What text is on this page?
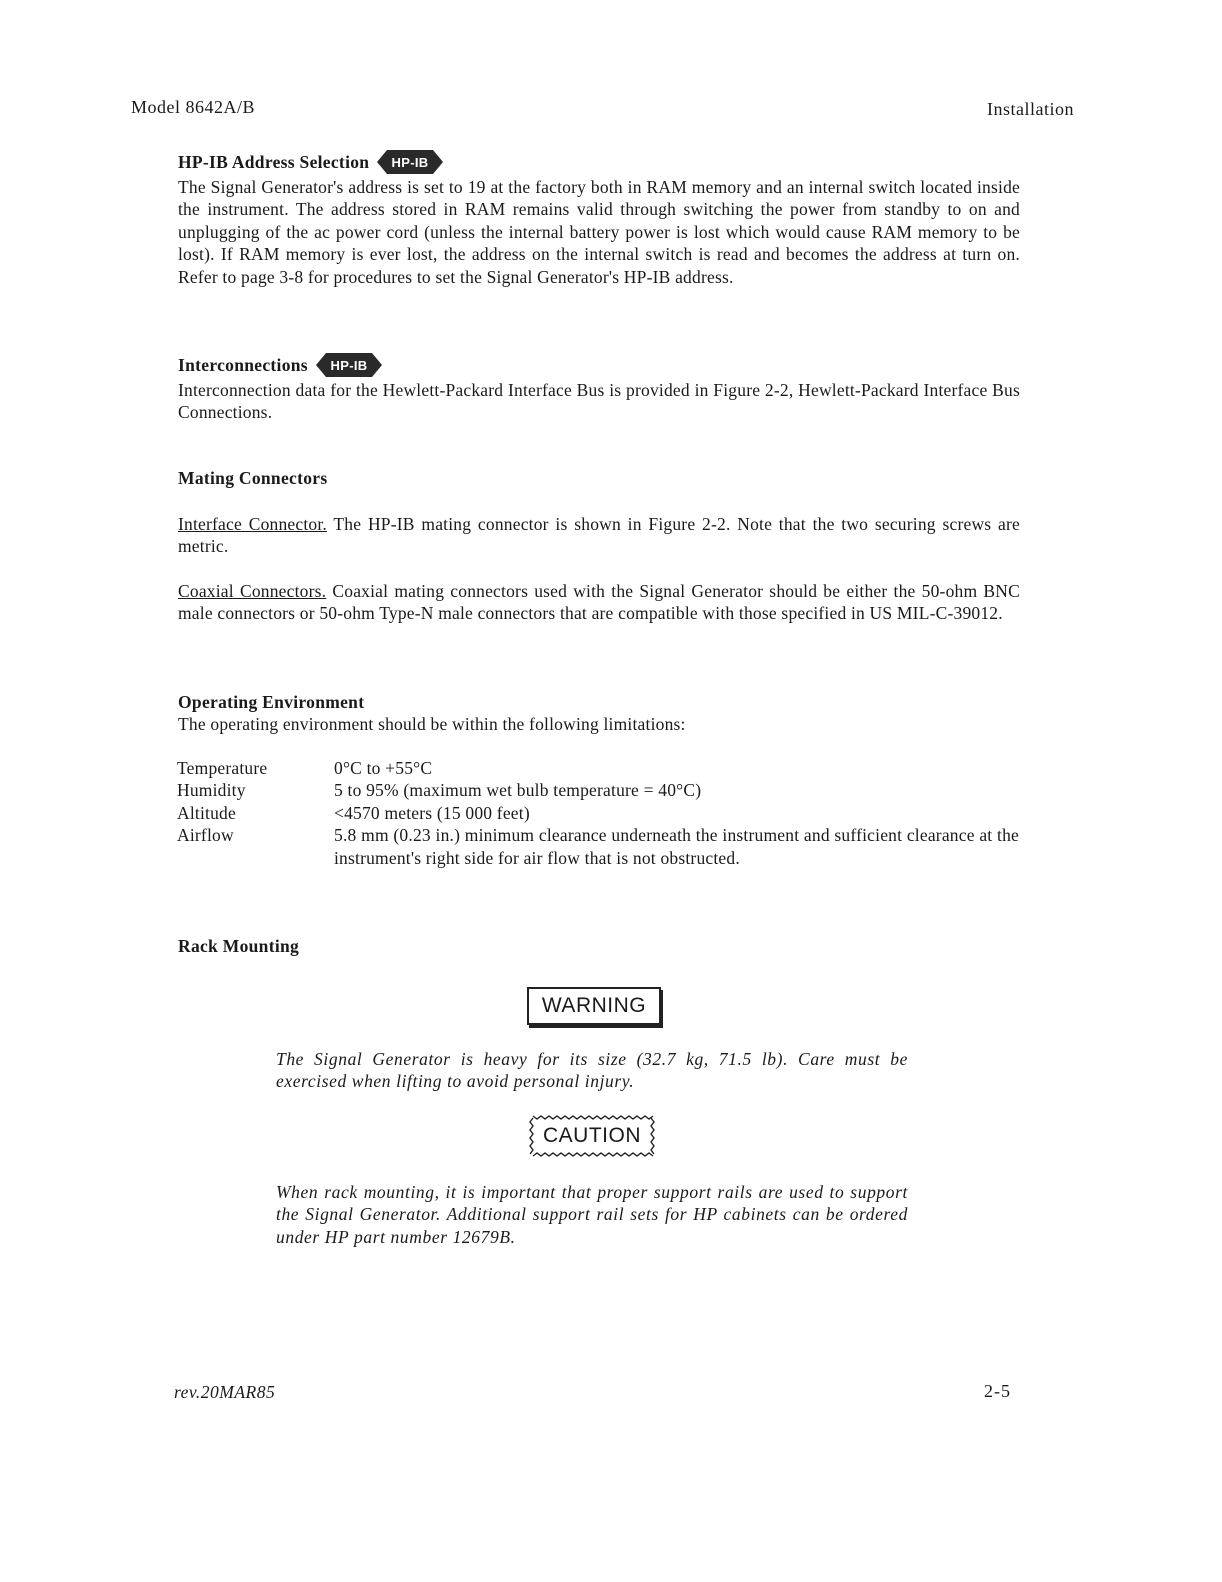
Model 8642A/B	Installation
HP-IB Address Selection HP-IB
The Signal Generator's address is set to 19 at the factory both in RAM memory and an internal switch located inside the instrument. The address stored in RAM remains valid through switching the power from standby to on and unplugging of the ac power cord (unless the internal battery power is lost which would cause RAM memory to be lost). If RAM memory is ever lost, the address on the internal switch is read and becomes the address at turn on. Refer to page 3-8 for procedures to set the Signal Generator's HP-IB address.
Interconnections HP-IB
Interconnection data for the Hewlett-Packard Interface Bus is provided in Figure 2-2, Hewlett-Packard Interface Bus Connections.
Mating Connectors
Interface Connector. The HP-IB mating connector is shown in Figure 2-2. Note that the two securing screws are metric.
Coaxial Connectors. Coaxial mating connectors used with the Signal Generator should be either the 50-ohm BNC male connectors or 50-ohm Type-N male connectors that are compatible with those specified in US MIL-C-39012.
Operating Environment
The operating environment should be within the following limitations:
Temperature	0°C to +55°C
Humidity	5 to 95% (maximum wet bulb temperature = 40°C)
Altitude	<4570 meters (15 000 feet)
Airflow	5.8 mm (0.23 in.) minimum clearance underneath the instrument and sufficient clearance at the instrument's right side for air flow that is not obstructed.
Rack Mounting
WARNING
The Signal Generator is heavy for its size (32.7 kg, 71.5 lb). Care must be exercised when lifting to avoid personal injury.
CAUTION
When rack mounting, it is important that proper support rails are used to support the Signal Generator. Additional support rail sets for HP cabinets can be ordered under HP part number 12679B.
rev.20MAR85	2-5
